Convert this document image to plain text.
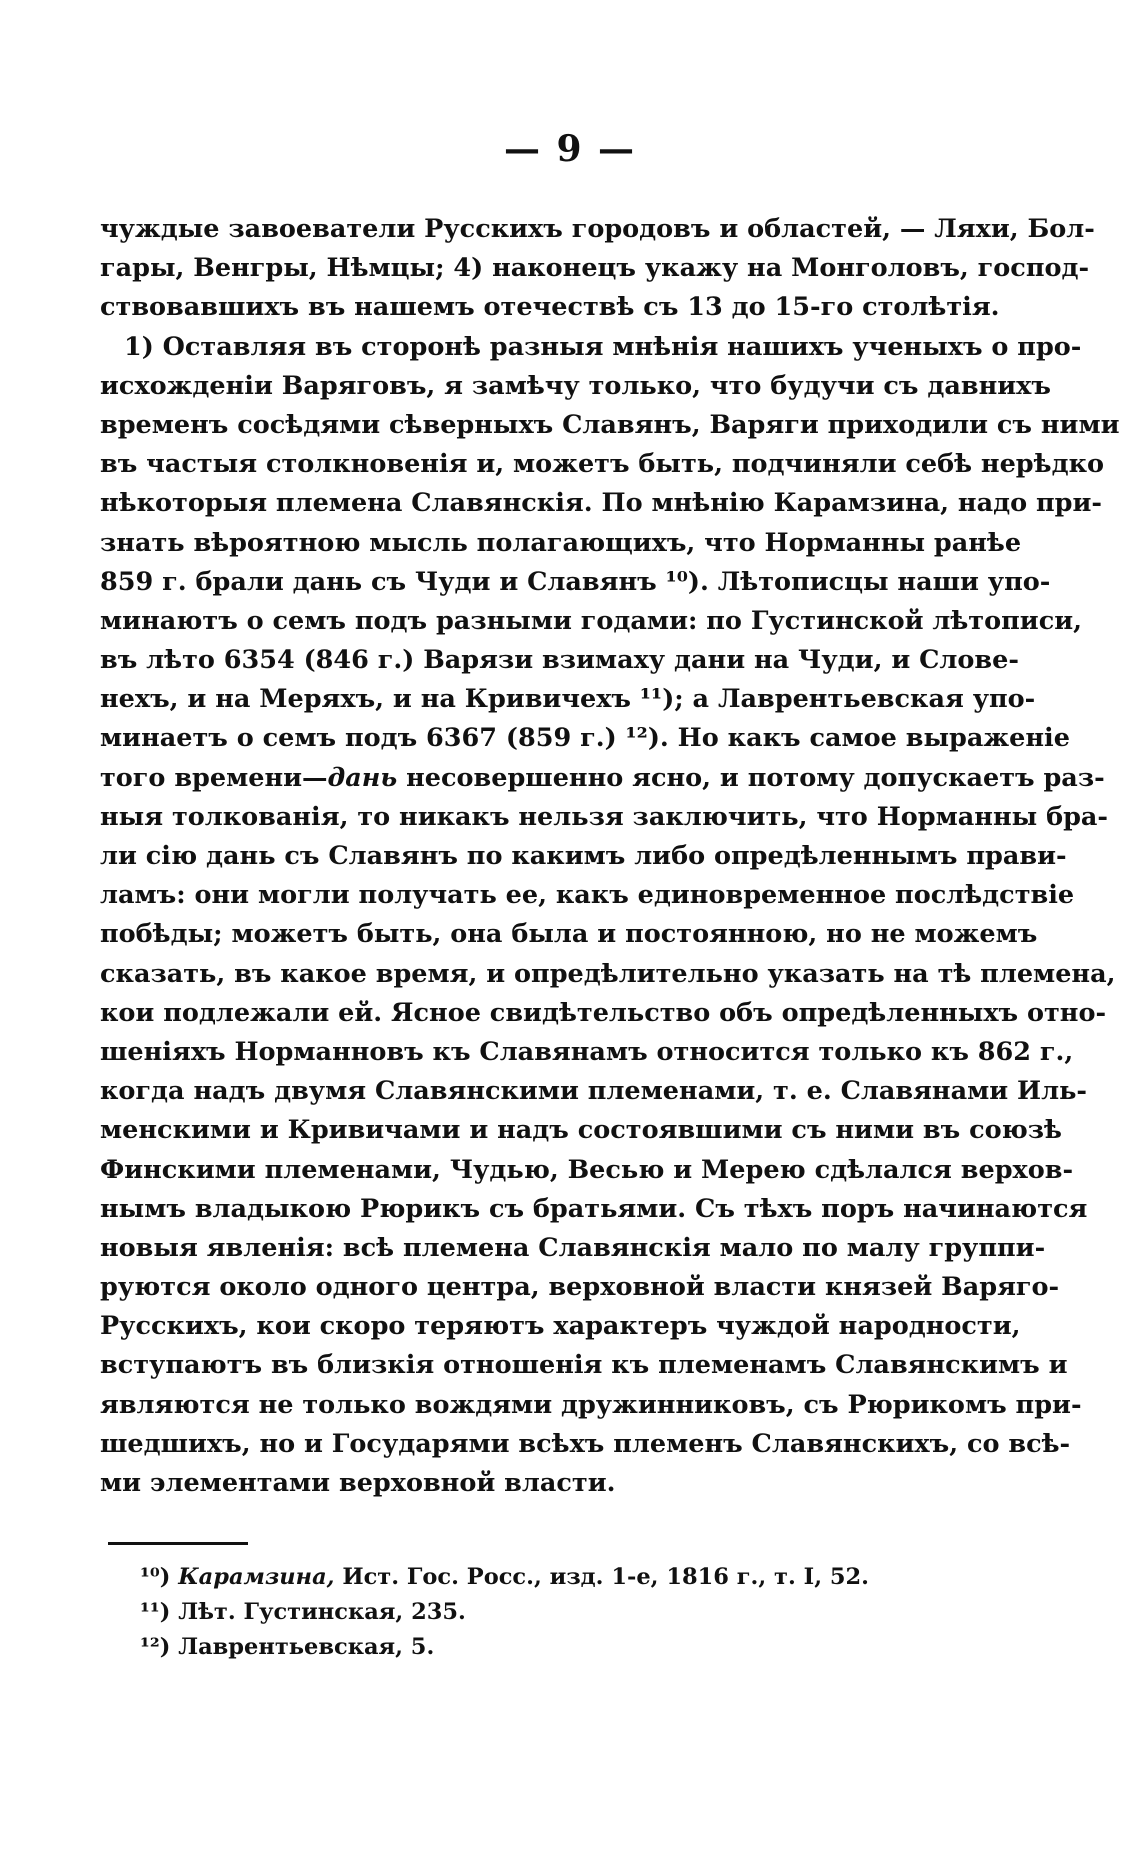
— 9 —
чуждые завоеватели Русскихъ городовъ и областей, — Ляхи, Бол-
гары, Венгры, Нѣмцы; 4) наконецъ укажу на Монголовъ, господ-
ствовавшихъ въ нашемъ отечествѣ съ 13 до 15-го столѣтія.
1) Оставляя въ сторонѣ разныя мнѣнія нашихъ ученыхъ о про-
исхожденіи Варяговъ, я замѣчу только, что будучи съ давнихъ
временъ сосѣдями сѣверныхъ Славянъ, Варяги приходили съ ними
въ частыя столкновенія и, можетъ быть, подчиняли себѣ нерѣдко
нѣкоторыя племена Славянскія. По мнѣнію Карамзина, надо при-
знать вѣроятною мысль полагающихъ, что Норманны ранѣе
859 г. брали дань съ Чуди и Славянъ ¹⁰). Лѣтописцы наши упо-
минаютъ о семъ подъ разными годами: по Густинской лѣтописи,
въ лѣто 6354 (846 г.) Варязи взимаху дани на Чуди, и Слове-
нехъ, и на Меряхъ, и на Кривичехъ ¹¹); а Лаврентьевская упо-
минаетъ о семъ подъ 6367 (859 г.) ¹²). Но какъ самое выраженіе
того времени—дань несовершенно ясно, и потому допускаетъ раз-
ныя толкованія, то никакъ нельзя заключить, что Норманны бра-
ли сію дань съ Славянъ по какимъ либо опредѣленнымъ прави-
ламъ: они могли получать ее, какъ единовременное послѣдствіе
побѣды; можетъ быть, она была и постоянною, но не можемъ
сказать, въ какое время, и опредѣлительно указать на тѣ племена,
кои подлежали ей. Ясное свидѣтельство объ опредѣленныхъ отно-
шеніяхъ Норманновъ къ Славянамъ относится только къ 862 г.,
когда надъ двумя Славянскими племенами, т. е. Славянами Иль-
менскими и Кривичами и надъ состоявшими съ ними въ союзѣ
Финскими племенами, Чудью, Весью и Мерею сдѣлался верхов-
нымъ владыкою Рюрикъ съ братьями. Съ тѣхъ поръ начинаются
новыя явленія: всѣ племена Славянскія мало по малу группи-
руются около одного центра, верховной власти князей Варяго-
Русскихъ, кои скоро теряютъ характеръ чуждой народности,
вступаютъ въ близкія отношенія къ племенамъ Славянскимъ и
являются не только вождями дружинниковъ, съ Рюрикомъ при-
шедшихъ, но и Государями всѣхъ племенъ Славянскихъ, со всѣ-
ми элементами верховной власти.
¹⁰) Карамзина, Ист. Гос. Росс., изд. 1-е, 1816 г., т. I, 52.
¹¹) Лѣт. Густинская, 235.
¹²) Лаврентьевская, 5.
